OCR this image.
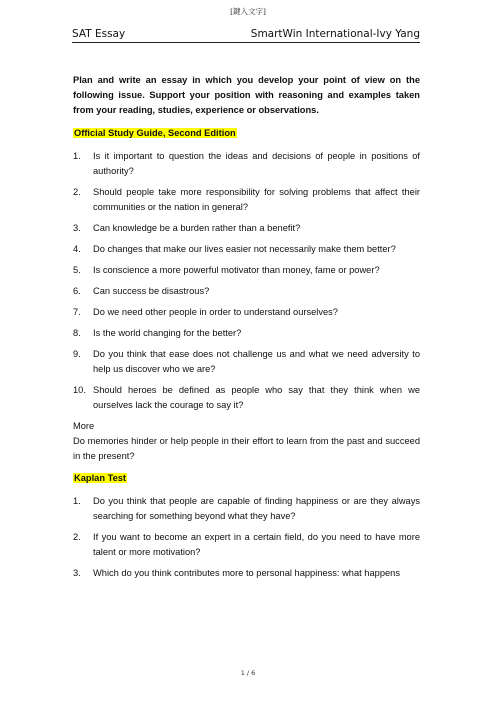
[鍵入文字]
SAT Essay	SmartWin International-Ivy Yang

Plan and write an essay in which you develop your point of view on the following issue. Support your position with reasoning and examples taken from your reading, studies, experience or observations.

Official Study Guide, Second Edition
1.	Is it important to question the ideas and decisions of people in positions of authority?
2.	Should people take more responsibility for solving problems that affect their communities or the nation in general?
3.	Can knowledge be a burden rather than a benefit?
4.	Do changes that make our lives easier not necessarily make them better?
5.	Is conscience a more powerful motivator than money, fame or power?
6.	Can success be disastrous?
7.	Do we need other people in order to understand ourselves?
8.	Is the world changing for the better?
9.	Do you think that ease does not challenge us and what we need adversity to help us discover who we are?
10. Should heroes be defined as people who say that they think when we ourselves lack the courage to say it?

More

Do memories hinder or help people in their effort to learn from the past and succeed in the present?

Kaplan Test
1.	Do you think that people are capable of finding happiness or are they always searching for something beyond what they have?
2.	If you want to become an expert in a certain field, do you need to have more talent or more motivation?
3.	Which do you think contributes more to personal happiness: what happens
1 / 6
